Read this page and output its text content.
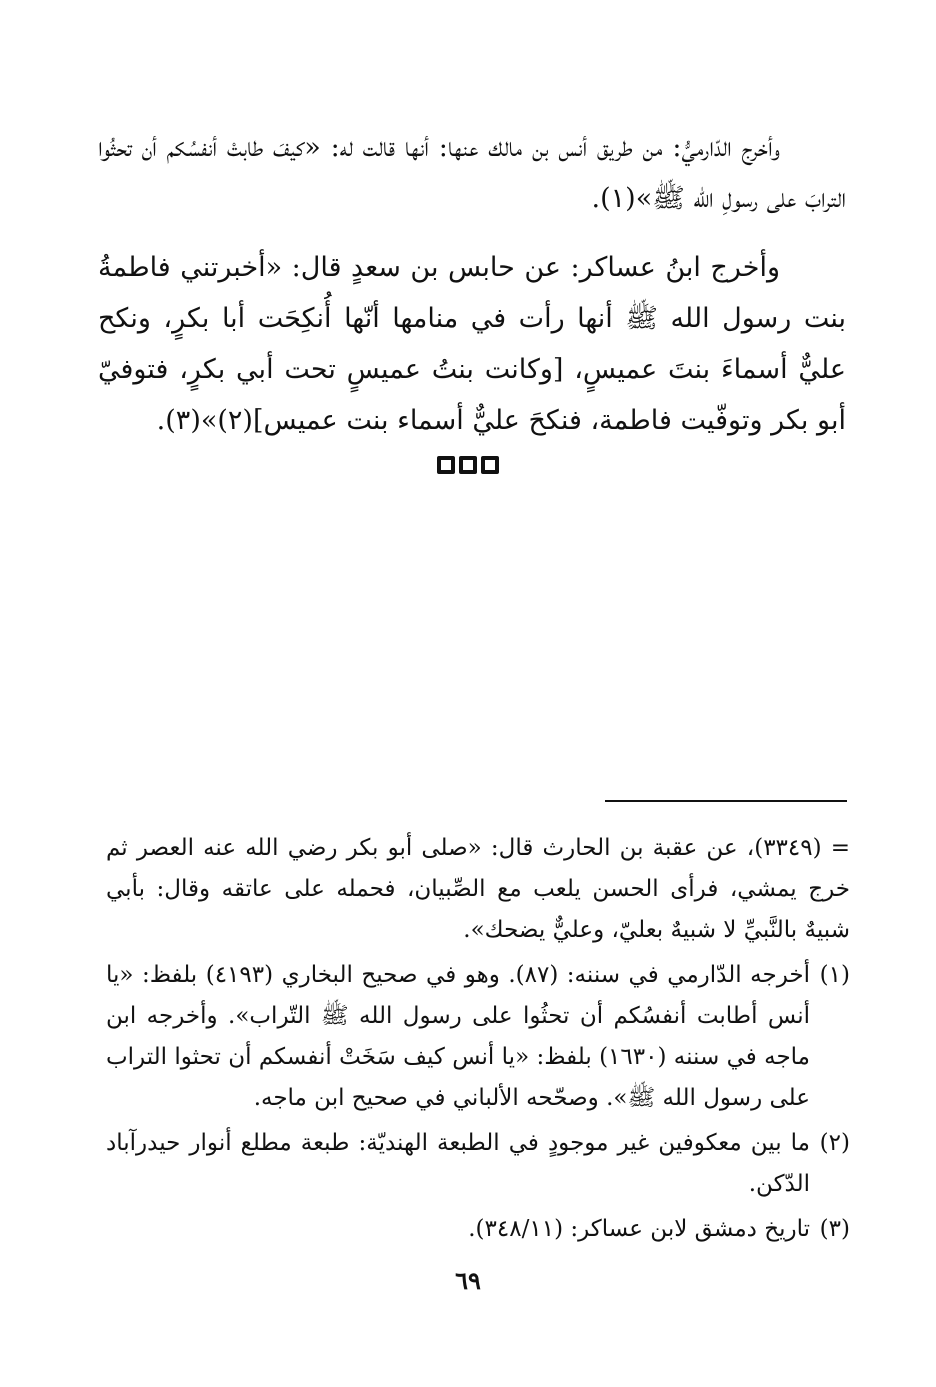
وأخرج الدّارميُّ: من طريق أنس بن مالك عنها: أنها قالت له: «كيفَ طابتْ أنفسُكم أن تحثُوا الترابَ على رسولِ الله ﷺ»(١).

وأخرج ابنُ عساكر: عن حابس بن سعدٍ قال: «أخبرتني فاطمةُ بنت رسول الله ﷺ أنها رأت في منامها أنّها أُنكِحَت أبا بكرٍ، ونكح عليٌّ أسماءَ بنتَ عميسٍ، [وكانت بنتُ عميسٍ تحت أبي بكرٍ، فتوفيّ أبو بكر وتوفّيت فاطمة، فنكحَ عليٌّ أسماء بنت عميس](٢)»(٣).

= (٣٣٤٩)، عن عقبة بن الحارث قال: «صلى أبو بكر رضي الله عنه العصر ثم خرج يمشي، فرأى الحسن يلعب مع الصِّبيان، فحمله على عاتقه وقال: بأبي شبيهٌ بالنَّبيِّ لا شبيهٌ بعليّ، وعليٌّ يضحك».
(١)
أخرجه الدّارمي في سننه: (٨٧). وهو في صحيح البخاري (٤١٩٣) بلفظ: «يا أنس أطابت أنفسُكم أن تحثُوا على رسول الله ﷺ التّراب». وأخرجه ابن ماجه في سننه (١٦٣٠) بلفظ: «يا أنس كيف سَخَتْ أنفسكم أن تحثوا التراب على رسول الله ﷺ». وصحّحه الألباني في صحيح ابن ماجه.
(٢)
ما بين معكوفين غير موجودٍ في الطبعة الهنديّة: طبعة مطلع أنوار حيدرآباد الدّكن.
(٣)
تاريخ دمشق لابن عساكر: (٣٤٨/١١).
٦٩
